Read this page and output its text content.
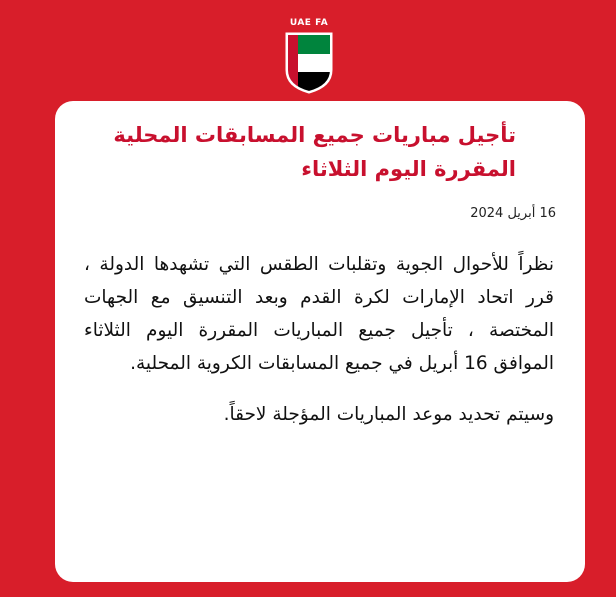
UAE FA
تأجيل مباريات جميع المسابقات المحلية
المقررة اليوم الثلاثاء
16 أبريل 2024

نظراً للأحوال الجوية وتقلبات الطقس التي تشهدها الدولة ، قرر اتحاد الإمارات لكرة القدم وبعد التنسيق مع الجهات المختصة ، تأجيل جميع المباريات المقررة اليوم الثلاثاء الموافق 16 أبريل في جميع المسابقات الكروية المحلية.

وسيتم تحديد موعد المباريات المؤجلة لاحقاً.
